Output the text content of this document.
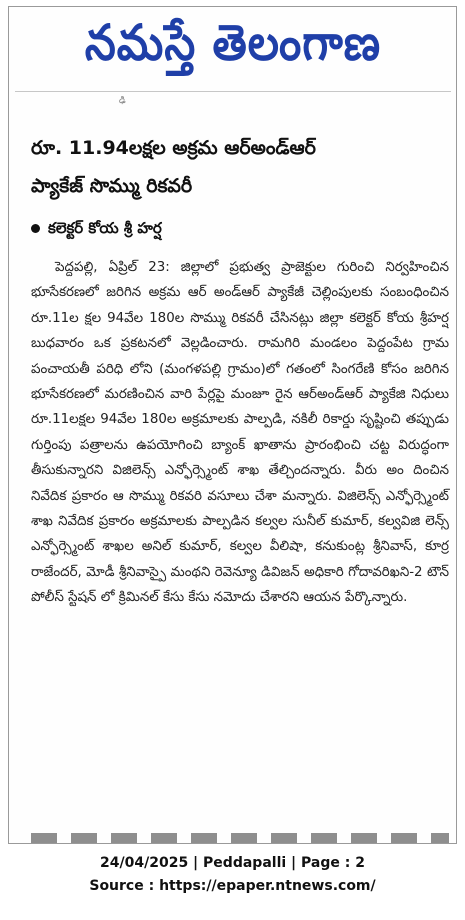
నమస్తే తెలంగాణ
ఢి
రూ. 11.94లక్షల అక్రమ ఆర్అండ్ఆర్
ప్యాకేజ్ సొమ్ము రికవరీ
కలెక్టర్ కోయ శ్రీ హర్ష

పెద్దపల్లి, ఏప్రిల్ 23: జిల్లాలో ప్రభుత్వ ప్రాజెక్టుల గురించి నిర్వహించిన భూసేకరణలో జరిగిన అక్రమ ఆర్ అండ్ఆర్ ప్యాకేజీ చెల్లింపులకు సంబంధించిన రూ.11ల క్షల 94వేల 180ల సొమ్ము రికవరీ చేసినట్లు జిల్లా కలెక్టర్ కోయ శ్రీహర్ష బుధవారం ఒక ప్రకటనలో వెల్లడించారు. రామగిరి మండలం పెద్దంపేట గ్రామ పంచాయతీ పరిధి లోని (మంగళపల్లి గ్రామం)లో గతంలో సింగరేణి కోసం జరిగిన భూసేకరణలో మరణించిన వారి పేర్లపై మంజూ రైన ఆర్అండ్ఆర్ ప్యాకేజి నిధులు రూ.11లక్షల 94వేల 180ల అక్రమాలకు పాల్పడి, నకిలీ రికార్డు సృష్టించి తప్పుడు గుర్తింపు పత్రాలను ఉపయోగించి బ్యాంక్ ఖాతాను ప్రారంభించి చట్ట విరుద్ధంగా తీసుకున్నారని విజిలెన్స్ ఎన్ఫోర్స్మెంట్ శాఖ తేల్చిందన్నారు. వీరు అం దించిన నివేదిక ప్రకారం ఆ సొమ్ము రికవరి వసూలు చేశా మన్నారు. విజిలెన్స్ ఎన్ఫోర్స్మెంట్ శాఖ నివేదిక ప్రకారం అక్రమాలకు పాల్పడిన కల్వల సునీల్ కుమార్, కల్వవిజి లెన్స్ ఎన్ఫోర్స్మెంట్ శాఖల అనిల్ కుమార్, కల్వల వీలిషా, కనుకుంట్ల శ్రీనివాస్, కూర్ర రాజేందర్, మోడీ శ్రీనివాస్పై మంథని రెవెన్యూ డివిజన్ అధికారి గోదావరిఖని-2 టౌన్ పోలీస్ స్టేషన్ లో క్రిమినల్ కేసు కేసు నమోదు చేశారని ఆయన పేర్కొన్నారు.

24/04/2025 | Peddapalli | Page : 2
Source : https://epaper.ntnews.com/
